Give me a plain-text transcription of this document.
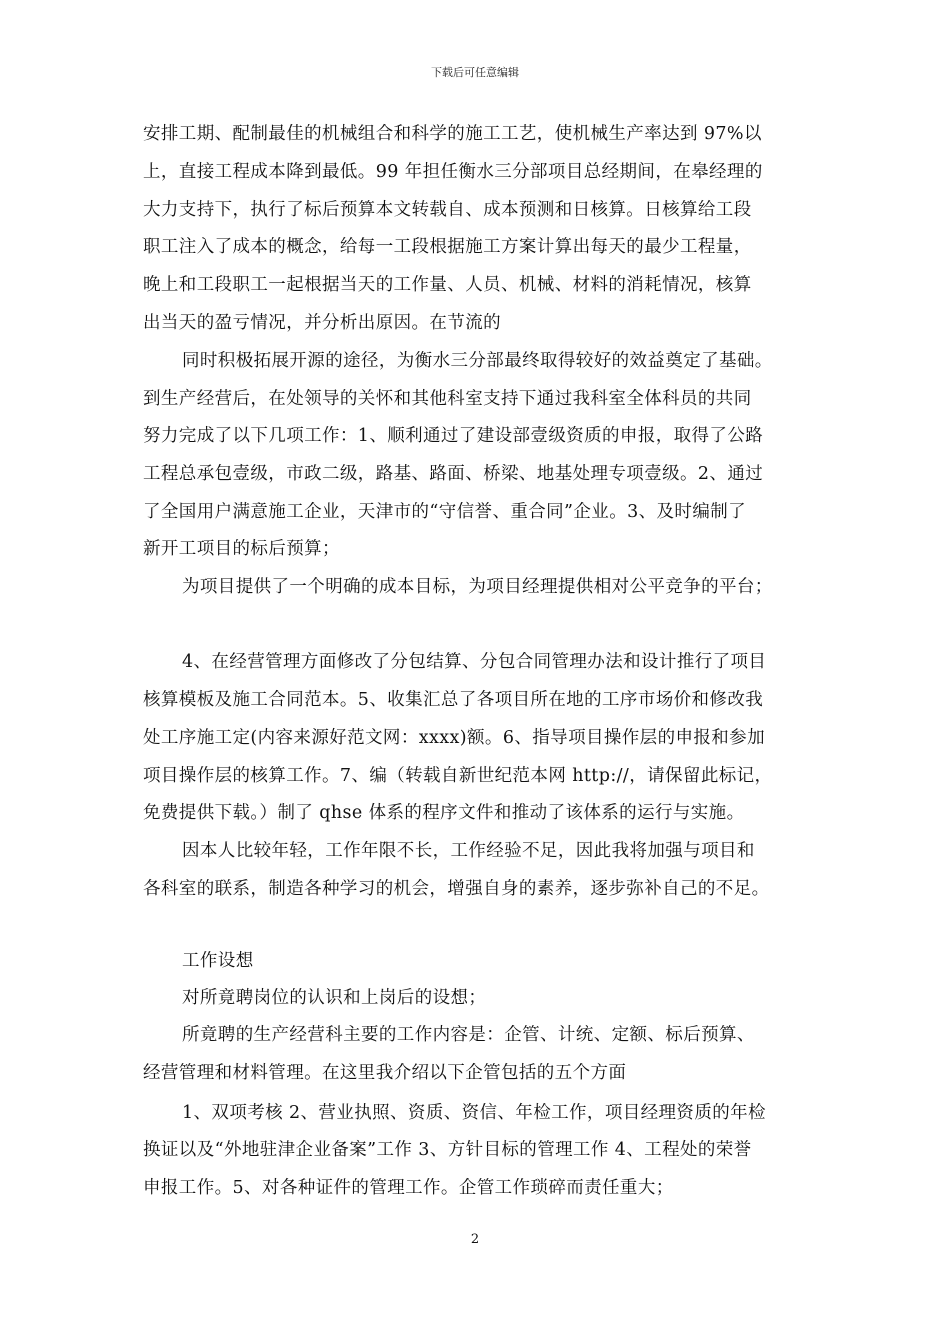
下载后可任意编辑
安排工期、配制最佳的机械组合和科学的施工工艺，使机械生产率达到 97%以
上，直接工程成本降到最低。99 年担任衡水三分部项目总经期间，在皋经理的
大力支持下，执行了标后预算本文转载自、成本预测和日核算。日核算给工段
职工注入了成本的概念，给每一工段根据施工方案计算出每天的最少工程量，
晚上和工段职工一起根据当天的工作量、人员、机械、材料的消耗情况，核算
出当天的盈亏情况，并分析出原因。在节流的
同时积极拓展开源的途径，为衡水三分部最终取得较好的效益奠定了基础。
到生产经营后，在处领导的关怀和其他科室支持下通过我科室全体科员的共同
努力完成了以下几项工作：1、顺利通过了建设部壹级资质的申报，取得了公路
工程总承包壹级，市政二级，路基、路面、桥梁、地基处理专项壹级。2、通过
了全国用户满意施工企业，天津市的“守信誉、重合同”企业。3、及时编制了
新开工项目的标后预算；
为项目提供了一个明确的成本目标，为项目经理提供相对公平竞争的平台；
4、在经营管理方面修改了分包结算、分包合同管理办法和设计推行了项目
核算模板及施工合同范本。5、收集汇总了各项目所在地的工序市场价和修改我
处工序施工定(内容来源好范文网：xxxx)额。6、指导项目操作层的申报和参加
项目操作层的核算工作。7、编（转载自新世纪范本网 http://，请保留此标记，
免费提供下载。）制了 qhse 体系的程序文件和推动了该体系的运行与实施。
因本人比较年轻，工作年限不长，工作经验不足，因此我将加强与项目和
各科室的联系，制造各种学习的机会，增强自身的素养，逐步弥补自己的不足。
工作设想
对所竟聘岗位的认识和上岗后的设想；
所竟聘的生产经营科主要的工作内容是：企管、计统、定额、标后预算、
经营管理和材料管理。在这里我介绍以下企管包括的五个方面
1、双项考核 2、营业执照、资质、资信、年检工作，项目经理资质的年检
换证以及“外地驻津企业备案”工作 3、方针目标的管理工作 4、工程处的荣誉
申报工作。5、对各种证件的管理工作。企管工作琐碎而责任重大；
2
